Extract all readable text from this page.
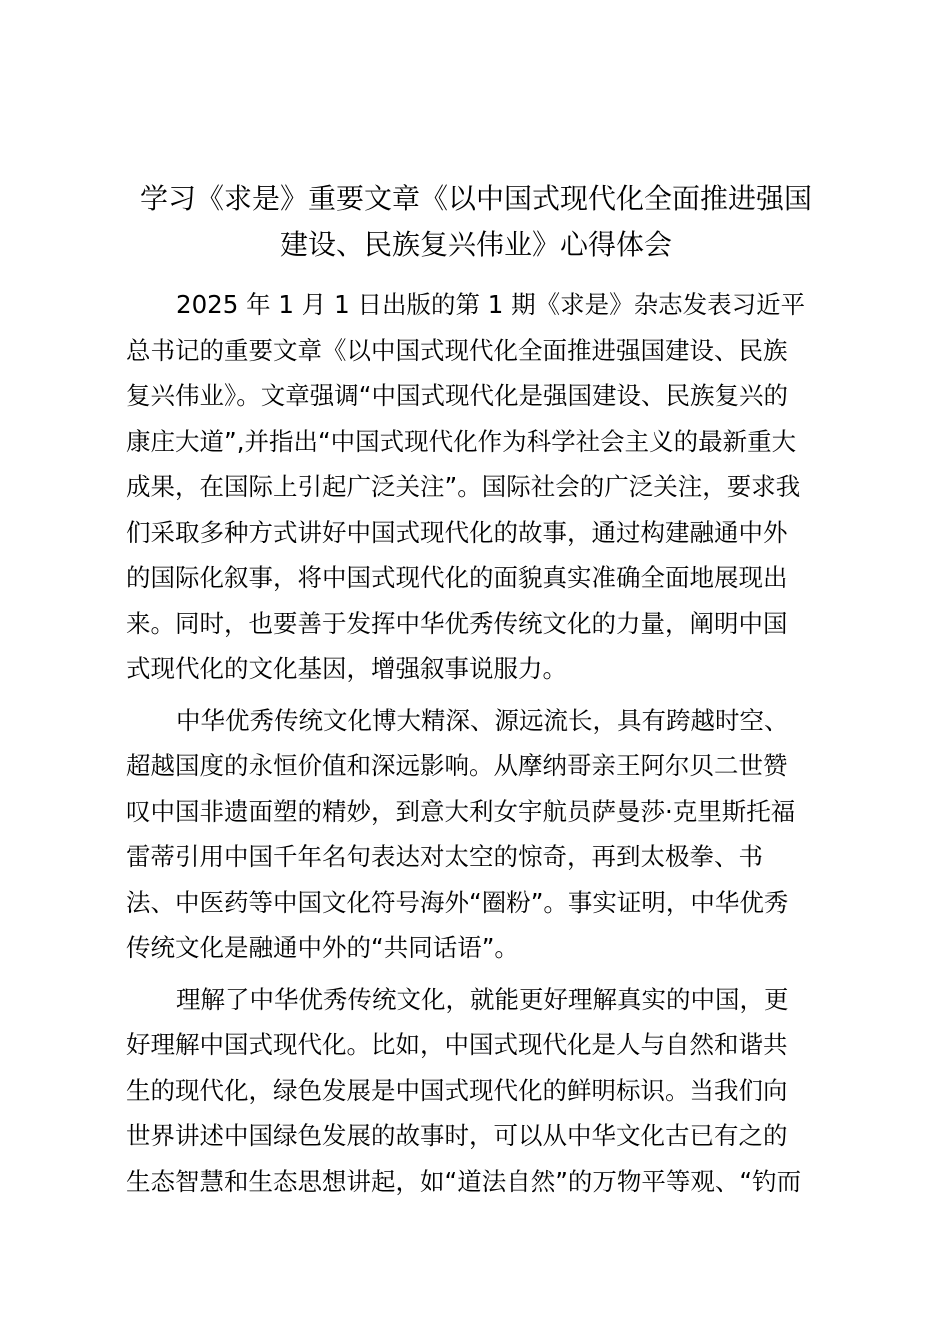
学习《求是》重要文章《以中国式现代化全面推进强国
建设、民族复兴伟业》心得体会
2025 年 1 月 1 日出版的第 1 期《求是》杂志发表习近平
总书记的重要文章《以中国式现代化全面推进强国建设、民族
复兴伟业》。文章强调“中国式现代化是强国建设、民族复兴的
康庄大道”,并指出“中国式现代化作为科学社会主义的最新重大
成果，在国际上引起广泛关注”。国际社会的广泛关注，要求我
们采取多种方式讲好中国式现代化的故事，通过构建融通中外
的国际化叙事，将中国式现代化的面貌真实准确全面地展现出
来。同时，也要善于发挥中华优秀传统文化的力量，阐明中国
式现代化的文化基因，增强叙事说服力。
中华优秀传统文化博大精深、源远流长，具有跨越时空、
超越国度的永恒价值和深远影响。从摩纳哥亲王阿尔贝二世赞
叹中国非遗面塑的精妙，到意大利女宇航员萨曼莎·克里斯托福
雷蒂引用中国千年名句表达对太空的惊奇，再到太极拳、书
法、中医药等中国文化符号海外“圈粉”。事实证明，中华优秀
传统文化是融通中外的“共同话语”。
理解了中华优秀传统文化，就能更好理解真实的中国，更
好理解中国式现代化。比如，中国式现代化是人与自然和谐共
生的现代化，绿色发展是中国式现代化的鲜明标识。当我们向
世界讲述中国绿色发展的故事时，可以从中华文化古已有之的
生态智慧和生态思想讲起，如“道法自然”的万物平等观、“钓而
